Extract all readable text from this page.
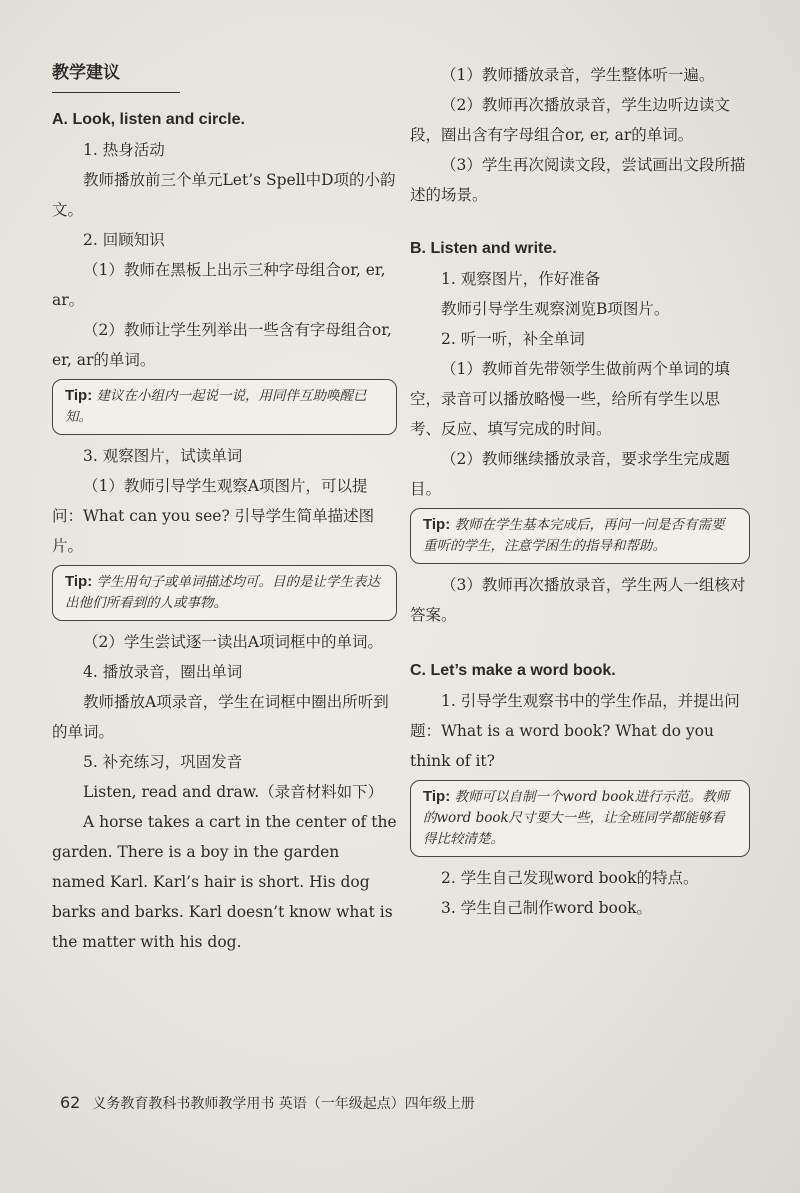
教学建议

A. Look, listen and circle.

1. 热身活动

教师播放前三个单元Let’s Spell中D项的小韵文。

2. 回顾知识

（1）教师在黑板上出示三种字母组合or, er, ar。

（2）教师让学生列举出一些含有字母组合or, er, ar的单词。

Tip: 建议在小组内一起说一说，用同伴互助唤醒已知。

3. 观察图片，试读单词

（1）教师引导学生观察A项图片，可以提问：What can you see? 引导学生简单描述图片。

Tip: 学生用句子或单词描述均可。目的是让学生表达出他们所看到的人或事物。

（2）学生尝试逐一读出A项词框中的单词。

4. 播放录音，圈出单词

教师播放A项录音，学生在词框中圈出所听到的单词。

5. 补充练习，巩固发音

Listen, read and draw.（录音材料如下）

A horse takes a cart in the center of the garden. There is a boy in the garden named Karl. Karl’s hair is short. His dog barks and barks. Karl doesn’t know what is the matter with his dog.

（1）教师播放录音，学生整体听一遍。

（2）教师再次播放录音，学生边听边读文段，圈出含有字母组合or, er, ar的单词。

（3）学生再次阅读文段，尝试画出文段所描述的场景。

B. Listen and write.

1. 观察图片，作好准备

教师引导学生观察浏览B项图片。

2. 听一听，补全单词

（1）教师首先带领学生做前两个单词的填空，录音可以播放略慢一些，给所有学生以思考、反应、填写完成的时间。

（2）教师继续播放录音，要求学生完成题目。

Tip: 教师在学生基本完成后，再问一问是否有需要重听的学生，注意学困生的指导和帮助。

（3）教师再次播放录音，学生两人一组核对答案。

C. Let’s make a word book.

1. 引导学生观察书中的学生作品，并提出问题：What is a word book? What do you think of it?

Tip: 教师可以自制一个word book进行示范。教师的word book尺寸要大一些，让全班同学都能够看得比较清楚。

2. 学生自己发现word book的特点。

3. 学生自己制作word book。

62 义务教育教科书教师教学用书 英语（一年级起点）四年级上册
